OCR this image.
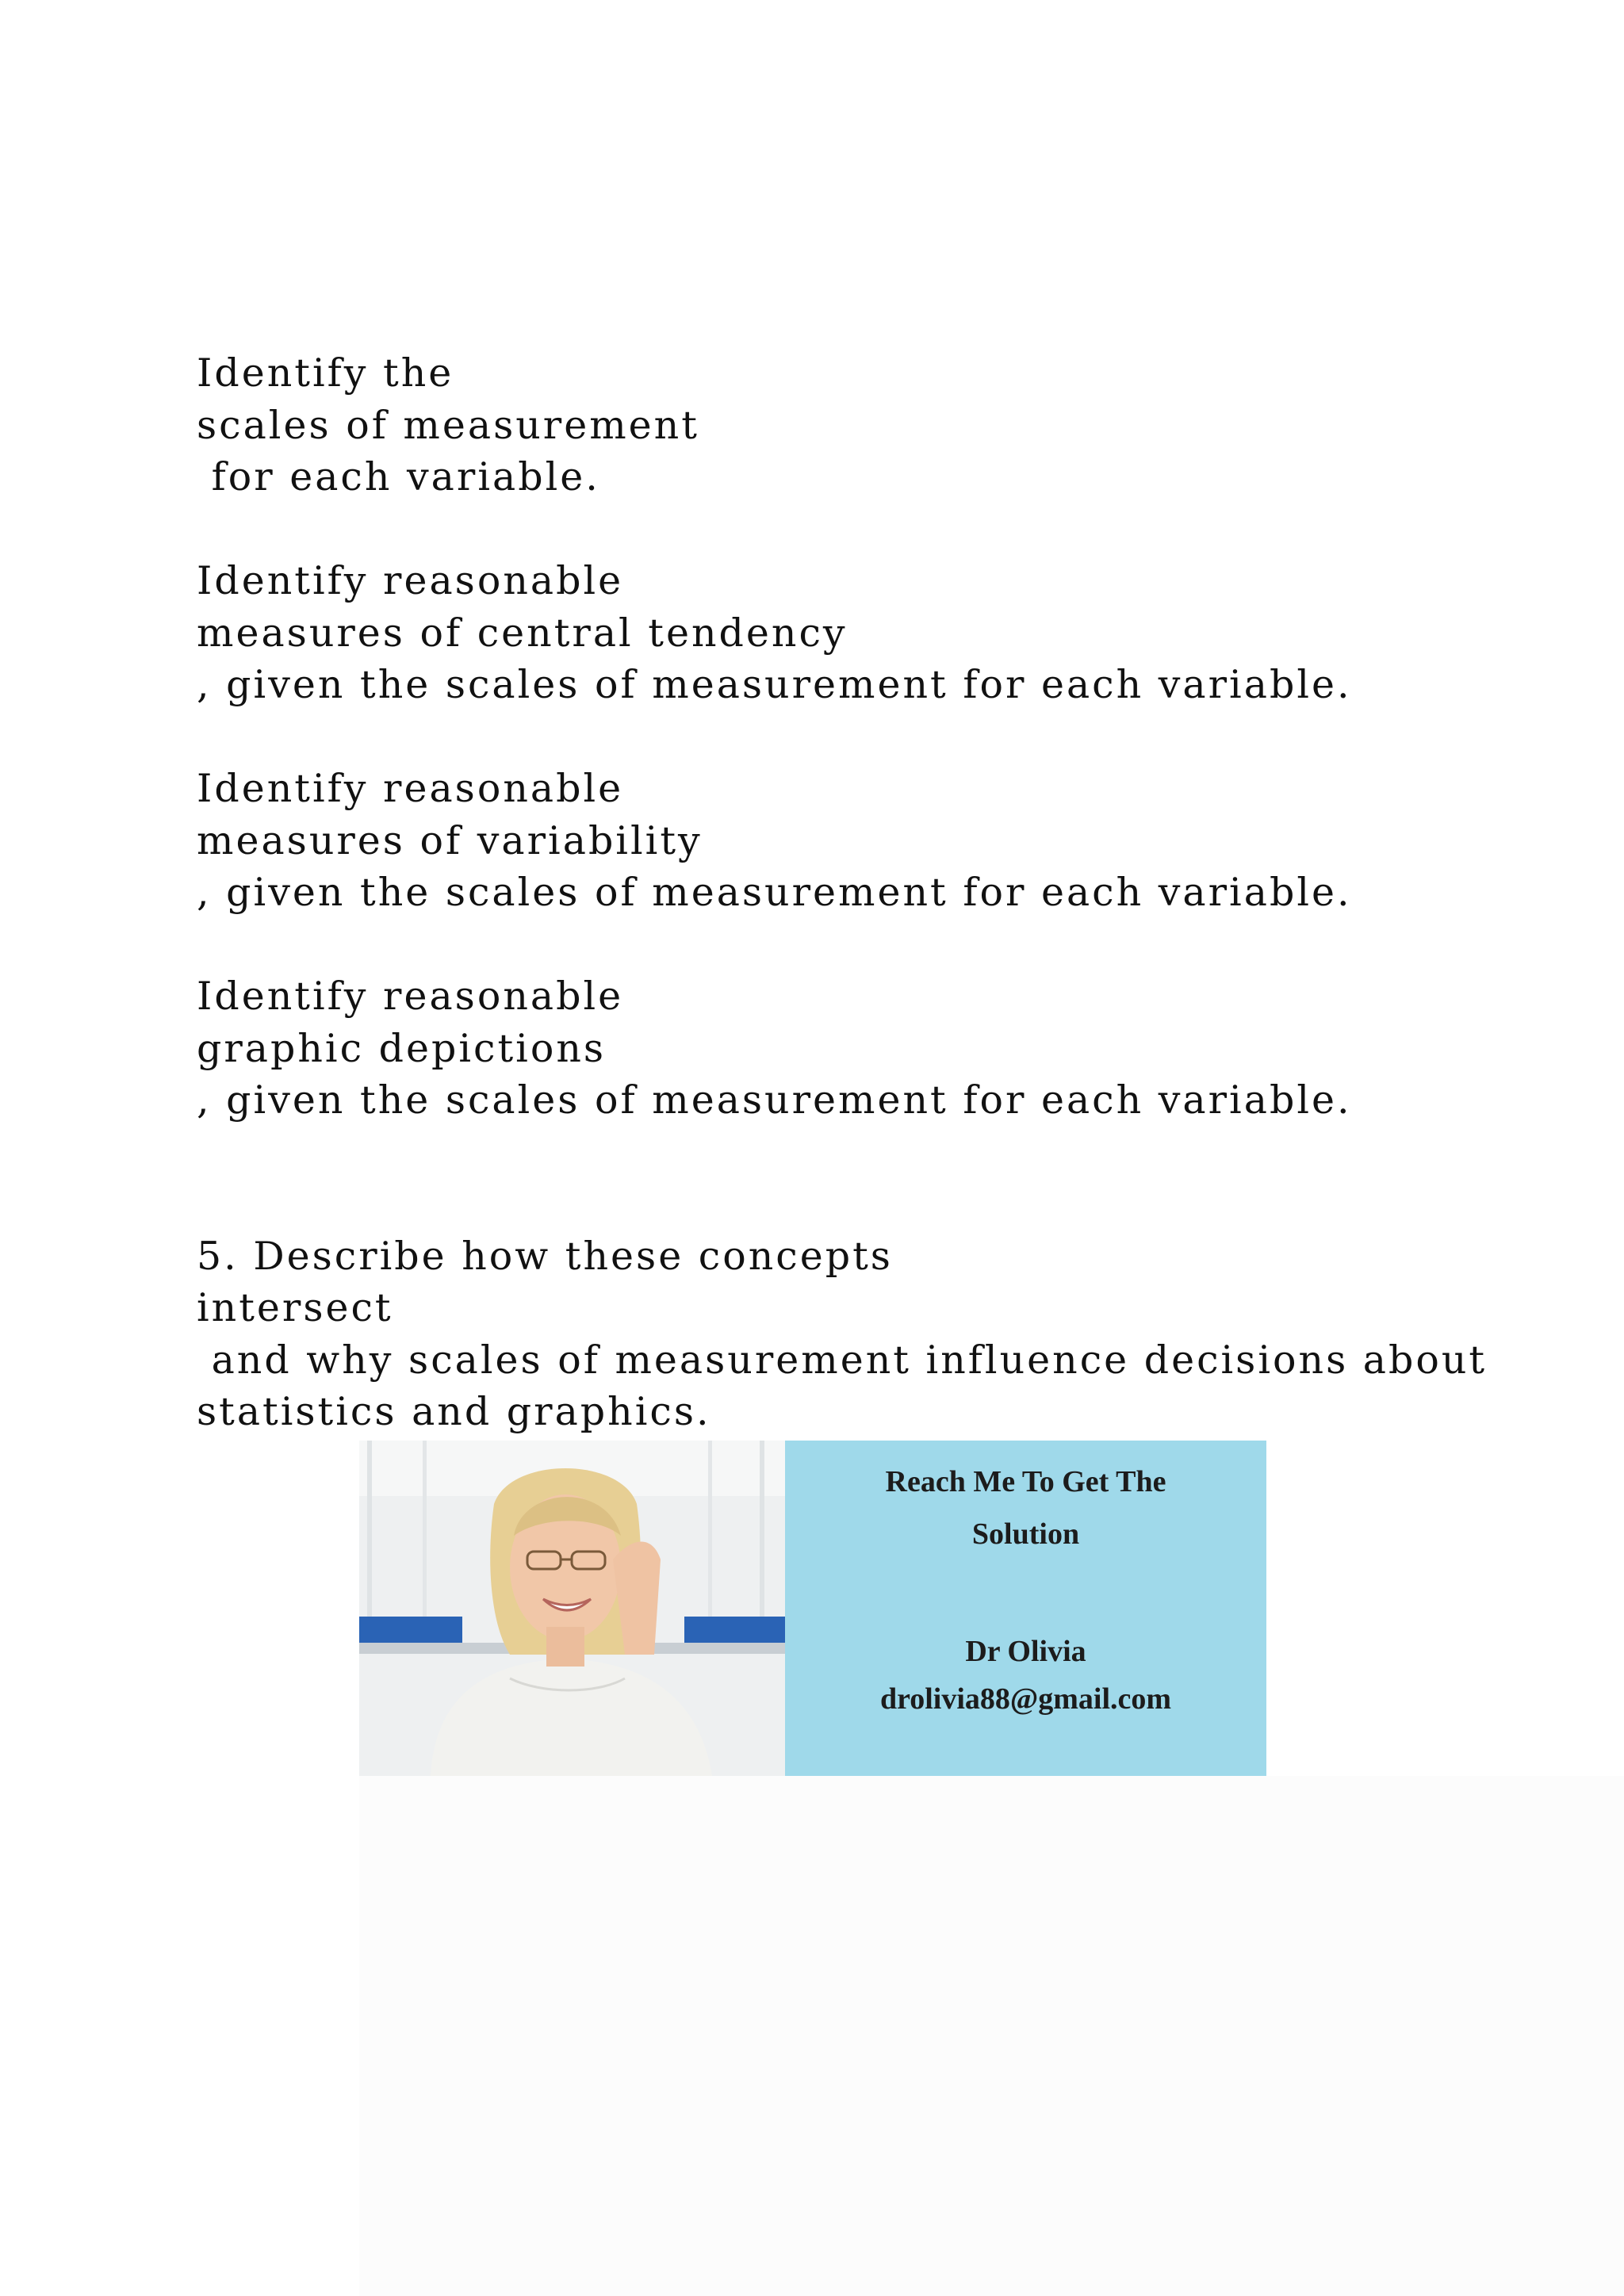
Identify the
scales of measurement
for each variable.

Identify reasonable
measures of central tendency
, given the scales of measurement for each variable.

Identify reasonable
measures of variability
, given the scales of measurement for each variable.

Identify reasonable
graphic depictions
, given the scales of measurement for each variable.

5. Describe how these concepts
intersect
and why scales of measurement influence decisions about
statistics and graphics.

Reach Me To Get The
Solution
Dr Olivia
drolivia88@gmail.com
